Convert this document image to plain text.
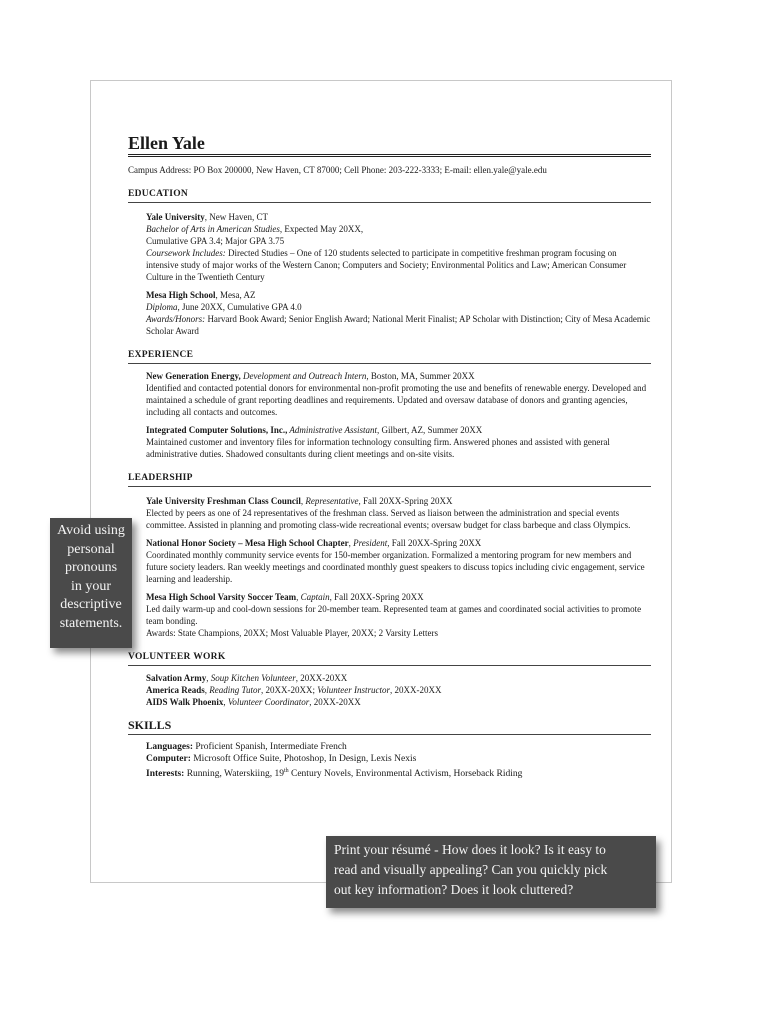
Ellen Yale
Campus Address: PO Box 200000, New Haven, CT 87000; Cell Phone: 203-222-3333; E-mail: ellen.yale@yale.edu
EDUCATION
Yale University, New Haven, CT
Bachelor of Arts in American Studies, Expected May 20XX,
Cumulative GPA 3.4; Major GPA 3.75
Coursework Includes: Directed Studies – One of 120 students selected to participate in competitive freshman program focusing on intensive study of major works of the Western Canon; Computers and Society; Environmental Politics and Law; American Consumer Culture in the Twentieth Century
Mesa High School, Mesa, AZ
Diploma, June 20XX, Cumulative GPA 4.0
Awards/Honors: Harvard Book Award; Senior English Award; National Merit Finalist; AP Scholar with Distinction; City of Mesa Academic Scholar Award
EXPERIENCE
New Generation Energy, Development and Outreach Intern, Boston, MA, Summer 20XX
Identified and contacted potential donors for environmental non-profit promoting the use and benefits of renewable energy. Developed and maintained a schedule of grant reporting deadlines and requirements. Updated and oversaw database of donors and granting agencies, including all contacts and outcomes.
Integrated Computer Solutions, Inc., Administrative Assistant, Gilbert, AZ, Summer 20XX
Maintained customer and inventory files for information technology consulting firm. Answered phones and assisted with general administrative duties. Shadowed consultants during client meetings and on-site visits.
LEADERSHIP
Yale University Freshman Class Council, Representative, Fall 20XX-Spring 20XX
Elected by peers as one of 24 representatives of the freshman class. Served as liaison between the administration and special events committee. Assisted in planning and promoting class-wide recreational events; oversaw budget for class barbeque and class Olympics.
National Honor Society – Mesa High School Chapter, President, Fall 20XX-Spring 20XX
Coordinated monthly community service events for 150-member organization. Formalized a mentoring program for new members and future society leaders. Ran weekly meetings and coordinated monthly guest speakers to discuss topics including civic engagement, service learning and leadership.
Mesa High School Varsity Soccer Team, Captain, Fall 20XX-Spring 20XX
Led daily warm-up and cool-down sessions for 20-member team. Represented team at games and coordinated social activities to promote team bonding.
Awards: State Champions, 20XX; Most Valuable Player, 20XX; 2 Varsity Letters
VOLUNTEER WORK
Salvation Army, Soup Kitchen Volunteer, 20XX-20XX
America Reads, Reading Tutor, 20XX-20XX; Volunteer Instructor, 20XX-20XX
AIDS Walk Phoenix, Volunteer Coordinator, 20XX-20XX
SKILLS
Languages: Proficient Spanish, Intermediate French
Computer: Microsoft Office Suite, Photoshop, In Design, Lexis Nexis
Interests: Running, Waterskiing, 19th Century Novels, Environmental Activism, Horseback Riding
Avoid using
personal
pronouns
in your
descriptive
statements.
Print your résumé - How does it look? Is it easy to
read and visually appealing? Can you quickly pick
out key information? Does it look cluttered?
